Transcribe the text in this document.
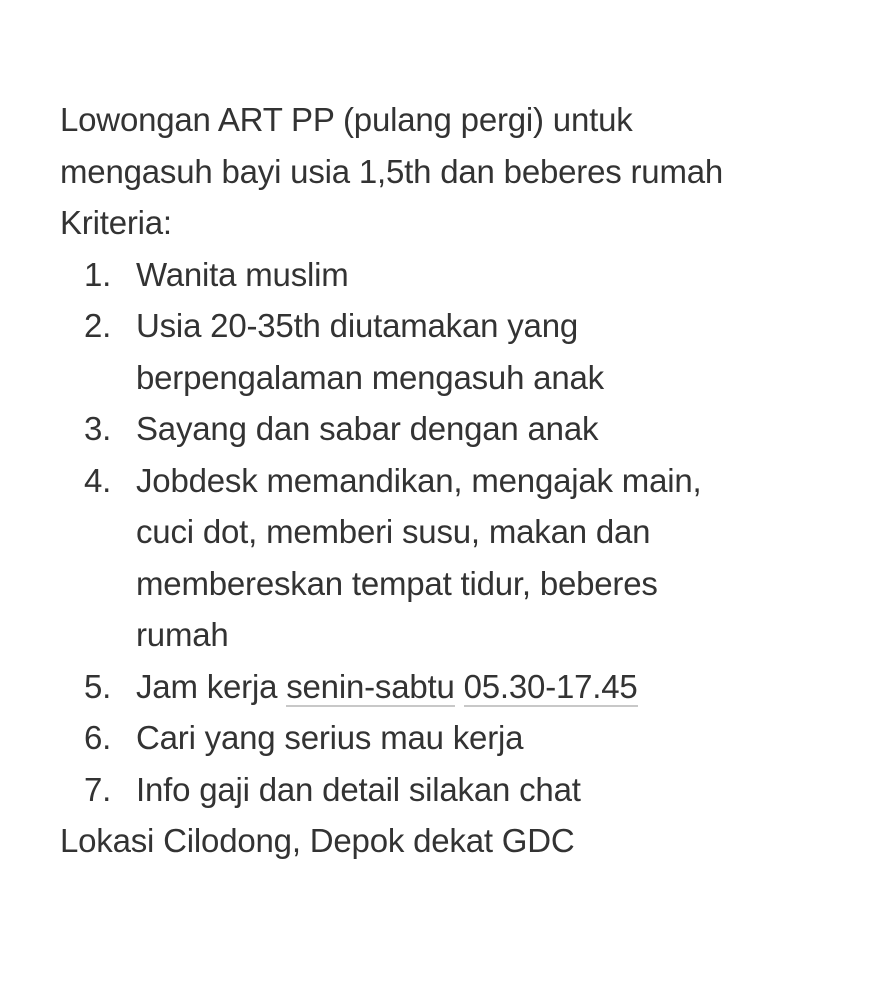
Lowongan ART PP (pulang pergi) untuk

mengasuh bayi usia 1,5th dan beberes rumah

Kriteria:

1. Wanita muslim
2. Usia 20-35th diutamakan yang
berpengalaman mengasuh anak
3. Sayang dan sabar dengan anak
4. Jobdesk memandikan, mengajak main,
cuci dot, memberi susu, makan dan
membereskan tempat tidur, beberes
rumah
5. Jam kerja senin-sabtu 05.30-17.45
6. Cari yang serius mau kerja
7. Info gaji dan detail silakan chat

Lokasi Cilodong, Depok dekat GDC
